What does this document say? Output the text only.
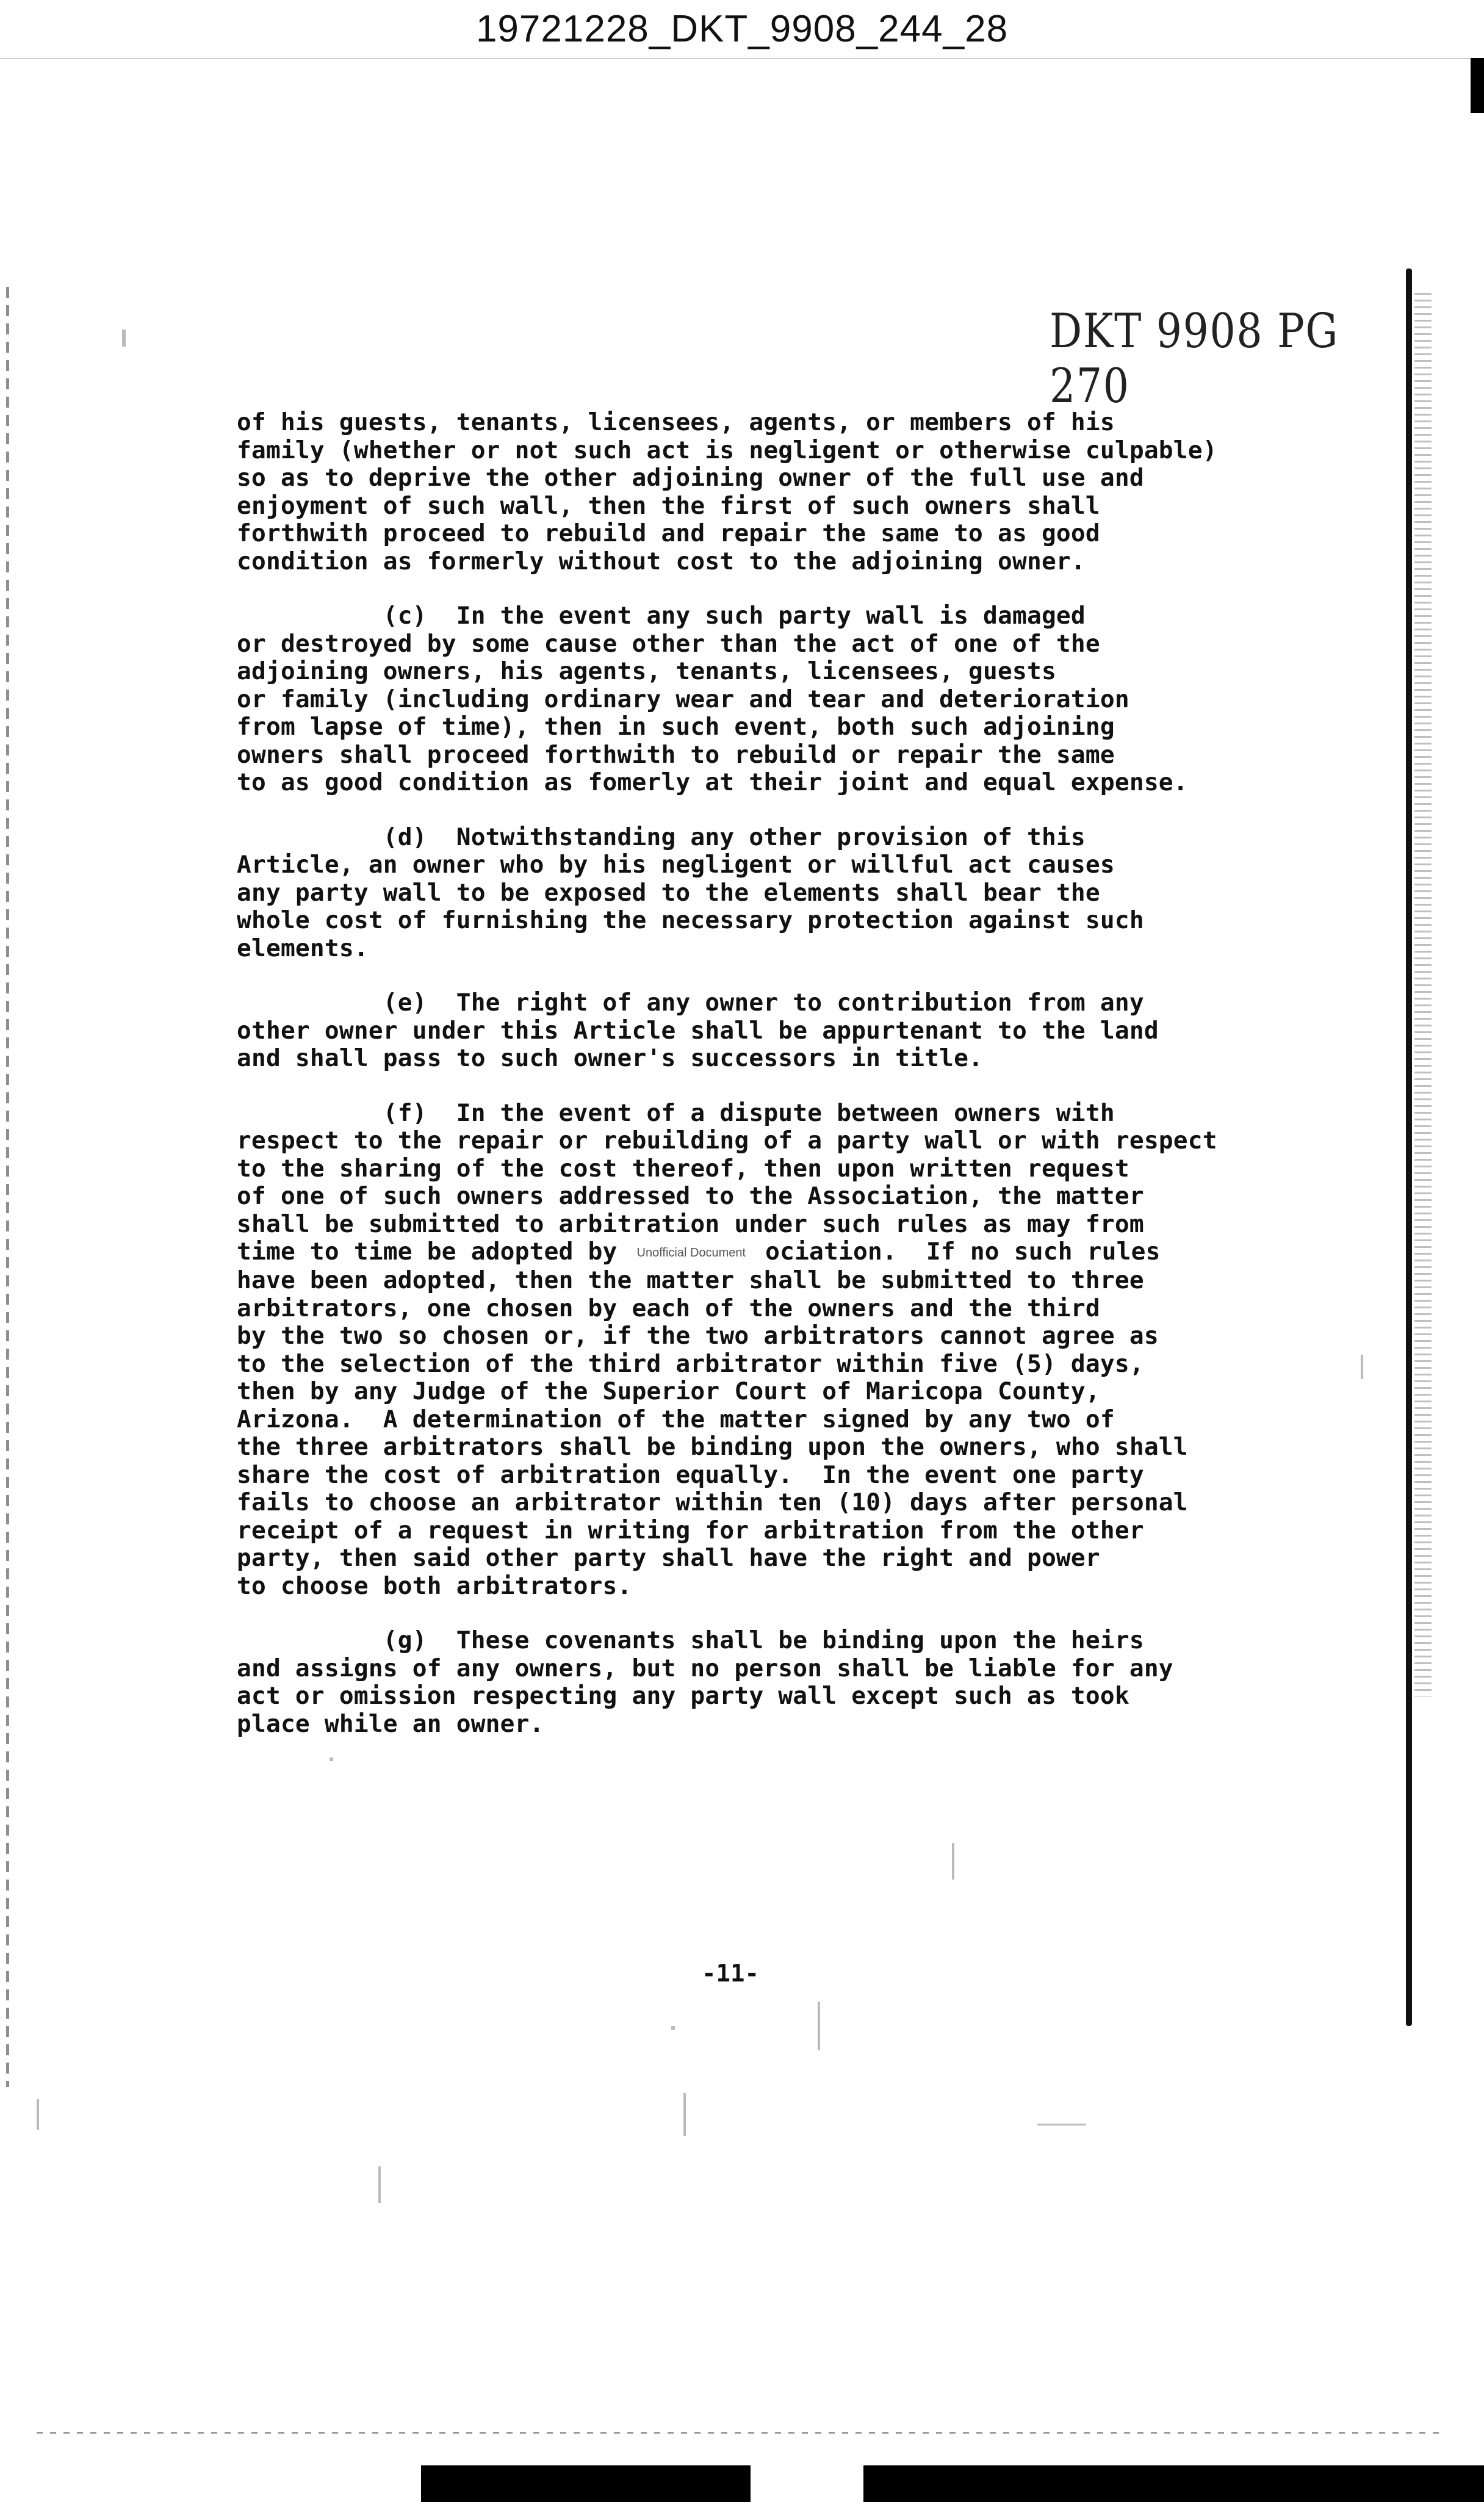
19721228_DKT_9908_244_28
DKT 9908 PG 270
of his guests, tenants, licensees, agents, or members of his
family (whether or not such act is negligent or otherwise culpable)
so as to deprive the other adjoining owner of the full use and
enjoyment of such wall, then the first of such owners shall
forthwith proceed to rebuild and repair the same to as good
condition as formerly without cost to the adjoining owner.
(c)  In the event any such party wall is damaged
or destroyed by some cause other than the act of one of the
adjoining owners, his agents, tenants, licensees, guests
or family (including ordinary wear and tear and deterioration
from lapse of time), then in such event, both such adjoining
owners shall proceed forthwith to rebuild or repair the same
to as good condition as fomerly at their joint and equal expense.
(d)  Notwithstanding any other provision of this
Article, an owner who by his negligent or willful act causes
any party wall to be exposed to the elements shall bear the
whole cost of furnishing the necessary protection against such
elements.
(e)  The right of any owner to contribution from any
other owner under this Article shall be appurtenant to the land
and shall pass to such owner's successors in title.
(f)  In the event of a dispute between owners with
respect to the repair or rebuilding of a party wall or with respect
to the sharing of the cost thereof, then upon written request
of one of such owners addressed to the Association, the matter
shall be submitted to arbitration under such rules as may from
time to time be adopted by Unofficial Document ociation.  If no such rules
have been adopted, then the matter shall be submitted to three
arbitrators, one chosen by each of the owners and the third
by the two so chosen or, if the two arbitrators cannot agree as
to the selection of the third arbitrator within five (5) days,
then by any Judge of the Superior Court of Maricopa County,
Arizona.  A determination of the matter signed by any two of
the three arbitrators shall be binding upon the owners, who shall
share the cost of arbitration equally.  In the event one party
fails to choose an arbitrator within ten (10) days after personal
receipt of a request in writing for arbitration from the other
party, then said other party shall have the right and power
to choose both arbitrators.
(g)  These covenants shall be binding upon the heirs
and assigns of any owners, but no person shall be liable for any
act or omission respecting any party wall except such as took
place while an owner.
-11-
